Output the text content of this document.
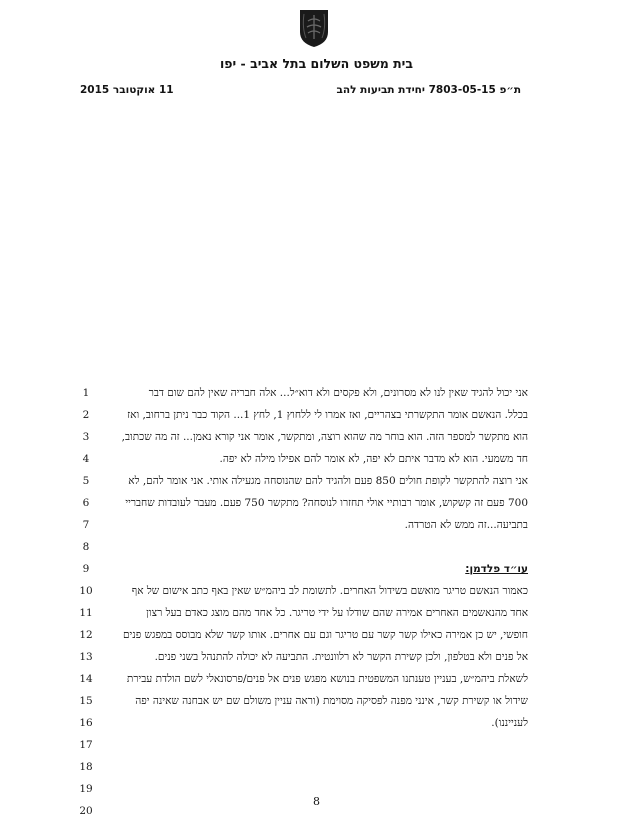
בית משפט השלום בתל אביב - יפו
ת״פ 7803-05-15 יחידת תביעות להב
11 אוקטובר 2015
1
2
3
4
5
6
7
8
9
10
11
12
13
14
15
16
17
18
19
20
אני יכול להגיד שאין לנו לא מסרונים, ולא פקסים ולא דוא״ל... אלה חבריה שאין להם שום דבר
בכלל. הנאשם אומר התקשרתי בצהריים, ואז אמרו לי ללחוץ 1, לחץ 1... הקוד כבר ניתן ברחוב, ואז
הוא מתקשר למספר הזה. הוא בוחר מה שהוא רוצה, ומתקשר, אומר אני קורא נאמן... זה מה שכתוב,
חד משמעי. הוא לא מדבר איתם לא יפה, לא אומר להם אפילו מילה לא יפה.
אני רוצה להתקשר לקופת חולים 850 פעם ולהגיד להם שהנוסחה מגעילה אותי. אני אומר להם, לא
700 פעם זה קשקוש, אומר רבותיי אולי תחזרו לנוסחה? מתקשר 750 פעם. מעבר לעובדות שחבריי
בתביעה...זה ממש לא הטרדה.
עו״ד פלדמן:
כאמור הנאשם טריגר מואשם בשידול האחרים. לתשומת לב ביהמ״ש שאין באף כתב אישום של אף
אחד מהנאשמים האחרים אמירה שהם שודלו על ידי טריגר. כל אחד מהם מוצג כאדם בעל רצון
חופשי, יש כן אמירה כאילו קשר קשר עם טריגר וגם עם אחרים. אותו קשר שלא מבוסס במפגש פנים
אל פנים ולא בטלפון, ולכן קשירת הקשר לא רלוונטית. התביעה לא יכולה להתנהל בשני פנים.
לשאלת ביהמ״ש, בעניין טענתנו המשפטית בנושא מפגש פנים אל פנים/פרסונאלי לשם הולדת עבירת
שידול או קשירת קשר, אינני מפנה לפסיקה מסוימת (וראה עניין משולם שם יש אבחנה שאינה יפה
לענייננו).
8
